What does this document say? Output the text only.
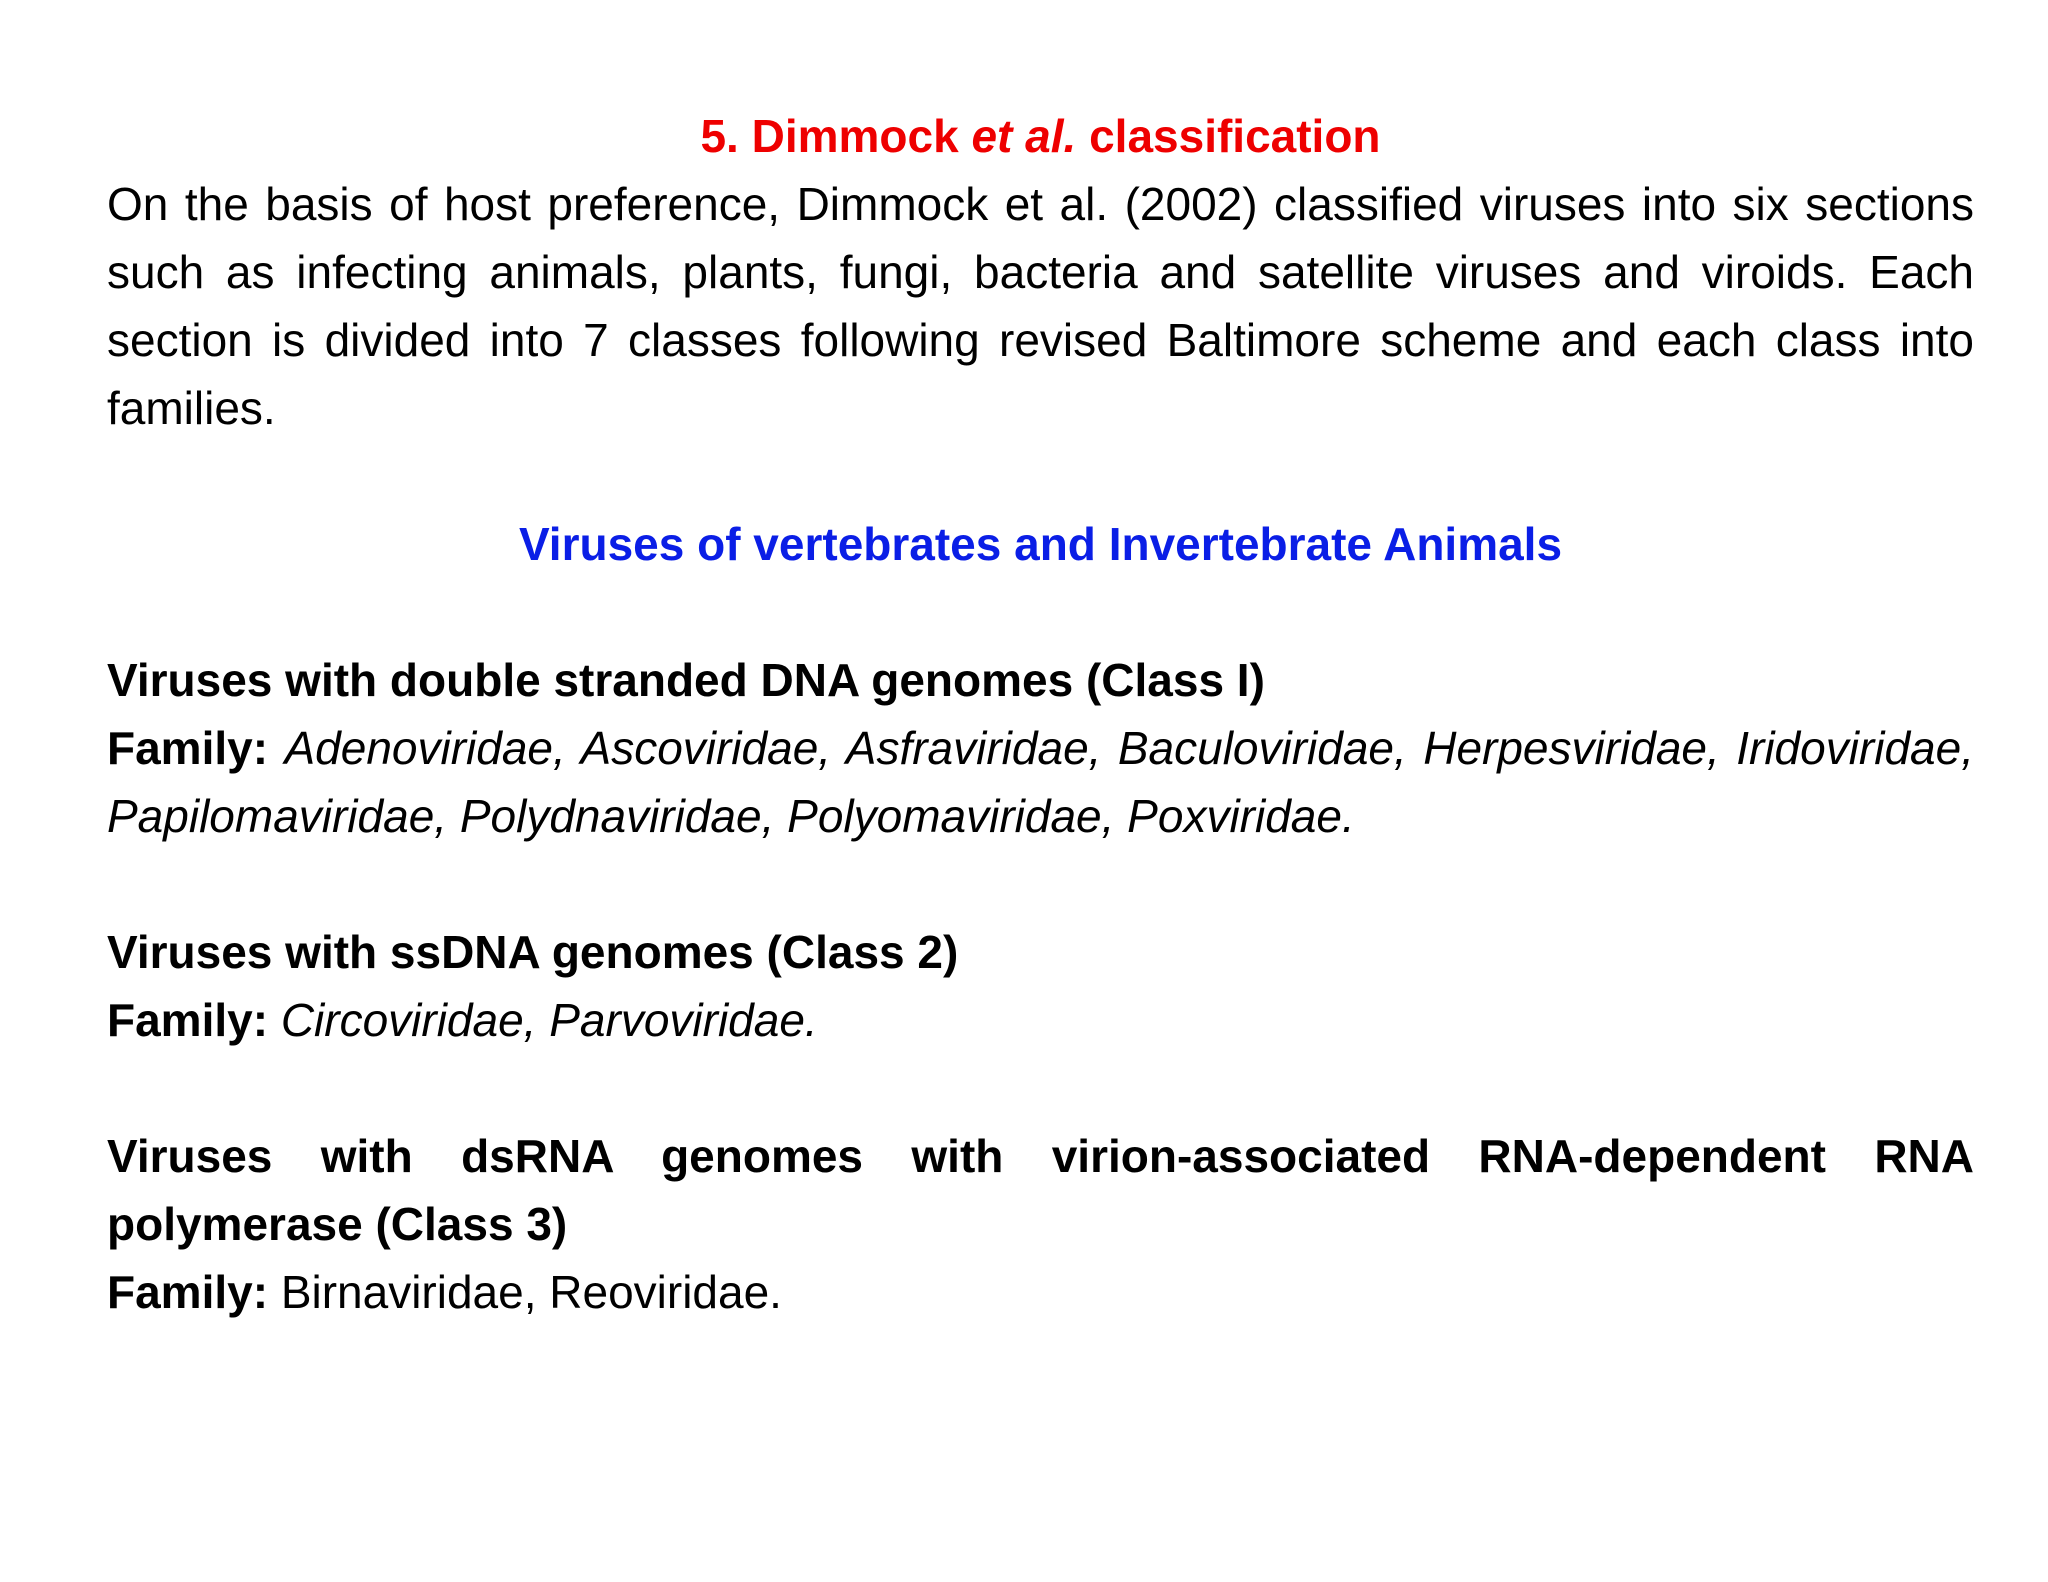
5. Dimmock et al. classification

On the basis of host preference, Dimmock et al. (2002) classified viruses into six sections such as infecting animals, plants, fungi, bacteria and satellite viruses and viroids. Each section is divided into 7 classes following revised Baltimore scheme and each class into families.

Viruses of vertebrates and Invertebrate Animals

Viruses with double stranded DNA genomes (Class I)

Family: Adenoviridae, Ascoviridae, Asfraviridae, Baculoviridae, Herpesviridae, Iridoviridae, Papilomaviridae, Polydnaviridae, Polyomaviridae, Poxviridae.

Viruses with ssDNA genomes (Class 2)

Family: Circoviridae, Parvoviridae.

Viruses with dsRNA genomes with virion-associated RNA-dependent RNA polymerase (Class 3)

Family: Birnaviridae, Reoviridae.
